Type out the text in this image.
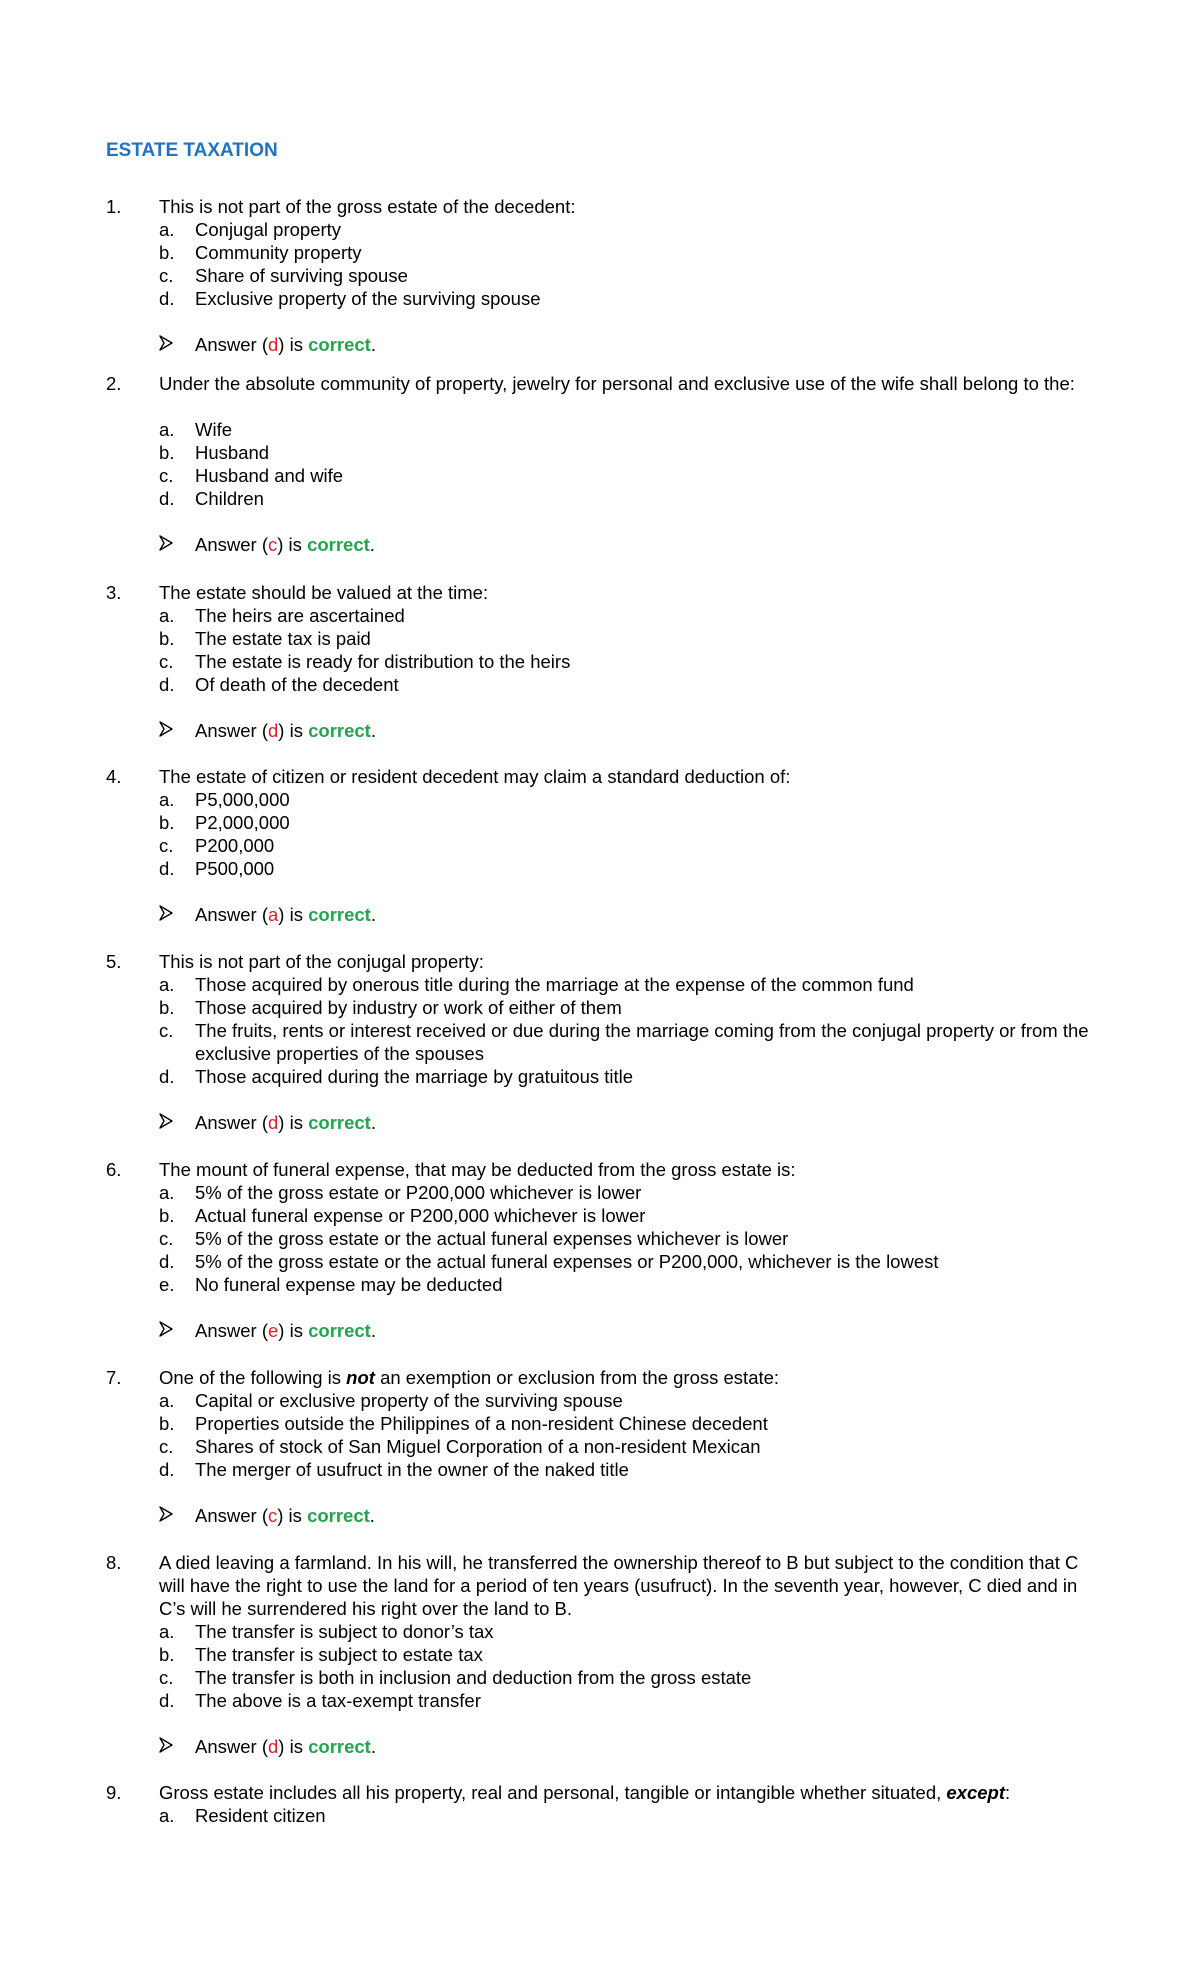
ESTATE TAXATION
1. This is not part of the gross estate of the decedent:
a. Conjugal property
b. Community property
c. Share of surviving spouse
d. Exclusive property of the surviving spouse
Answer (d) is correct.
2. Under the absolute community of property, jewelry for personal and exclusive use of the wife shall belong to the:
a. Wife
b. Husband
c. Husband and wife
d. Children
Answer (c) is correct.
3. The estate should be valued at the time:
a. The heirs are ascertained
b. The estate tax is paid
c. The estate is ready for distribution to the heirs
d. Of death of the decedent
Answer (d) is correct.
4. The estate of citizen or resident decedent may claim a standard deduction of:
a. P5,000,000
b. P2,000,000
c. P200,000
d. P500,000
Answer (a) is correct.
5. This is not part of the conjugal property:
a. Those acquired by onerous title during the marriage at the expense of the common fund
b. Those acquired by industry or work of either of them
c. The fruits, rents or interest received or due during the marriage coming from the conjugal property or from the exclusive properties of the spouses
d. Those acquired during the marriage by gratuitous title
Answer (d) is correct.
6. The mount of funeral expense, that may be deducted from the gross estate is:
a. 5% of the gross estate or P200,000 whichever is lower
b. Actual funeral expense or P200,000 whichever is lower
c. 5% of the gross estate or the actual funeral expenses whichever is lower
d. 5% of the gross estate or the actual funeral expenses or P200,000, whichever is the lowest
e. No funeral expense may be deducted
Answer (e) is correct.
7. One of the following is not an exemption or exclusion from the gross estate:
a. Capital or exclusive property of the surviving spouse
b. Properties outside the Philippines of a non-resident Chinese decedent
c. Shares of stock of San Miguel Corporation of a non-resident Mexican
d. The merger of usufruct in the owner of the naked title
Answer (c) is correct.
8. A died leaving a farmland. In his will, he transferred the ownership thereof to B but subject to the condition that C will have the right to use the land for a period of ten years (usufruct). In the seventh year, however, C died and in C’s will he surrendered his right over the land to B.
a. The transfer is subject to donor’s tax
b. The transfer is subject to estate tax
c. The transfer is both in inclusion and deduction from the gross estate
d. The above is a tax-exempt transfer
Answer (d) is correct.
9. Gross estate includes all his property, real and personal, tangible or intangible whether situated, except:
a. Resident citizen
